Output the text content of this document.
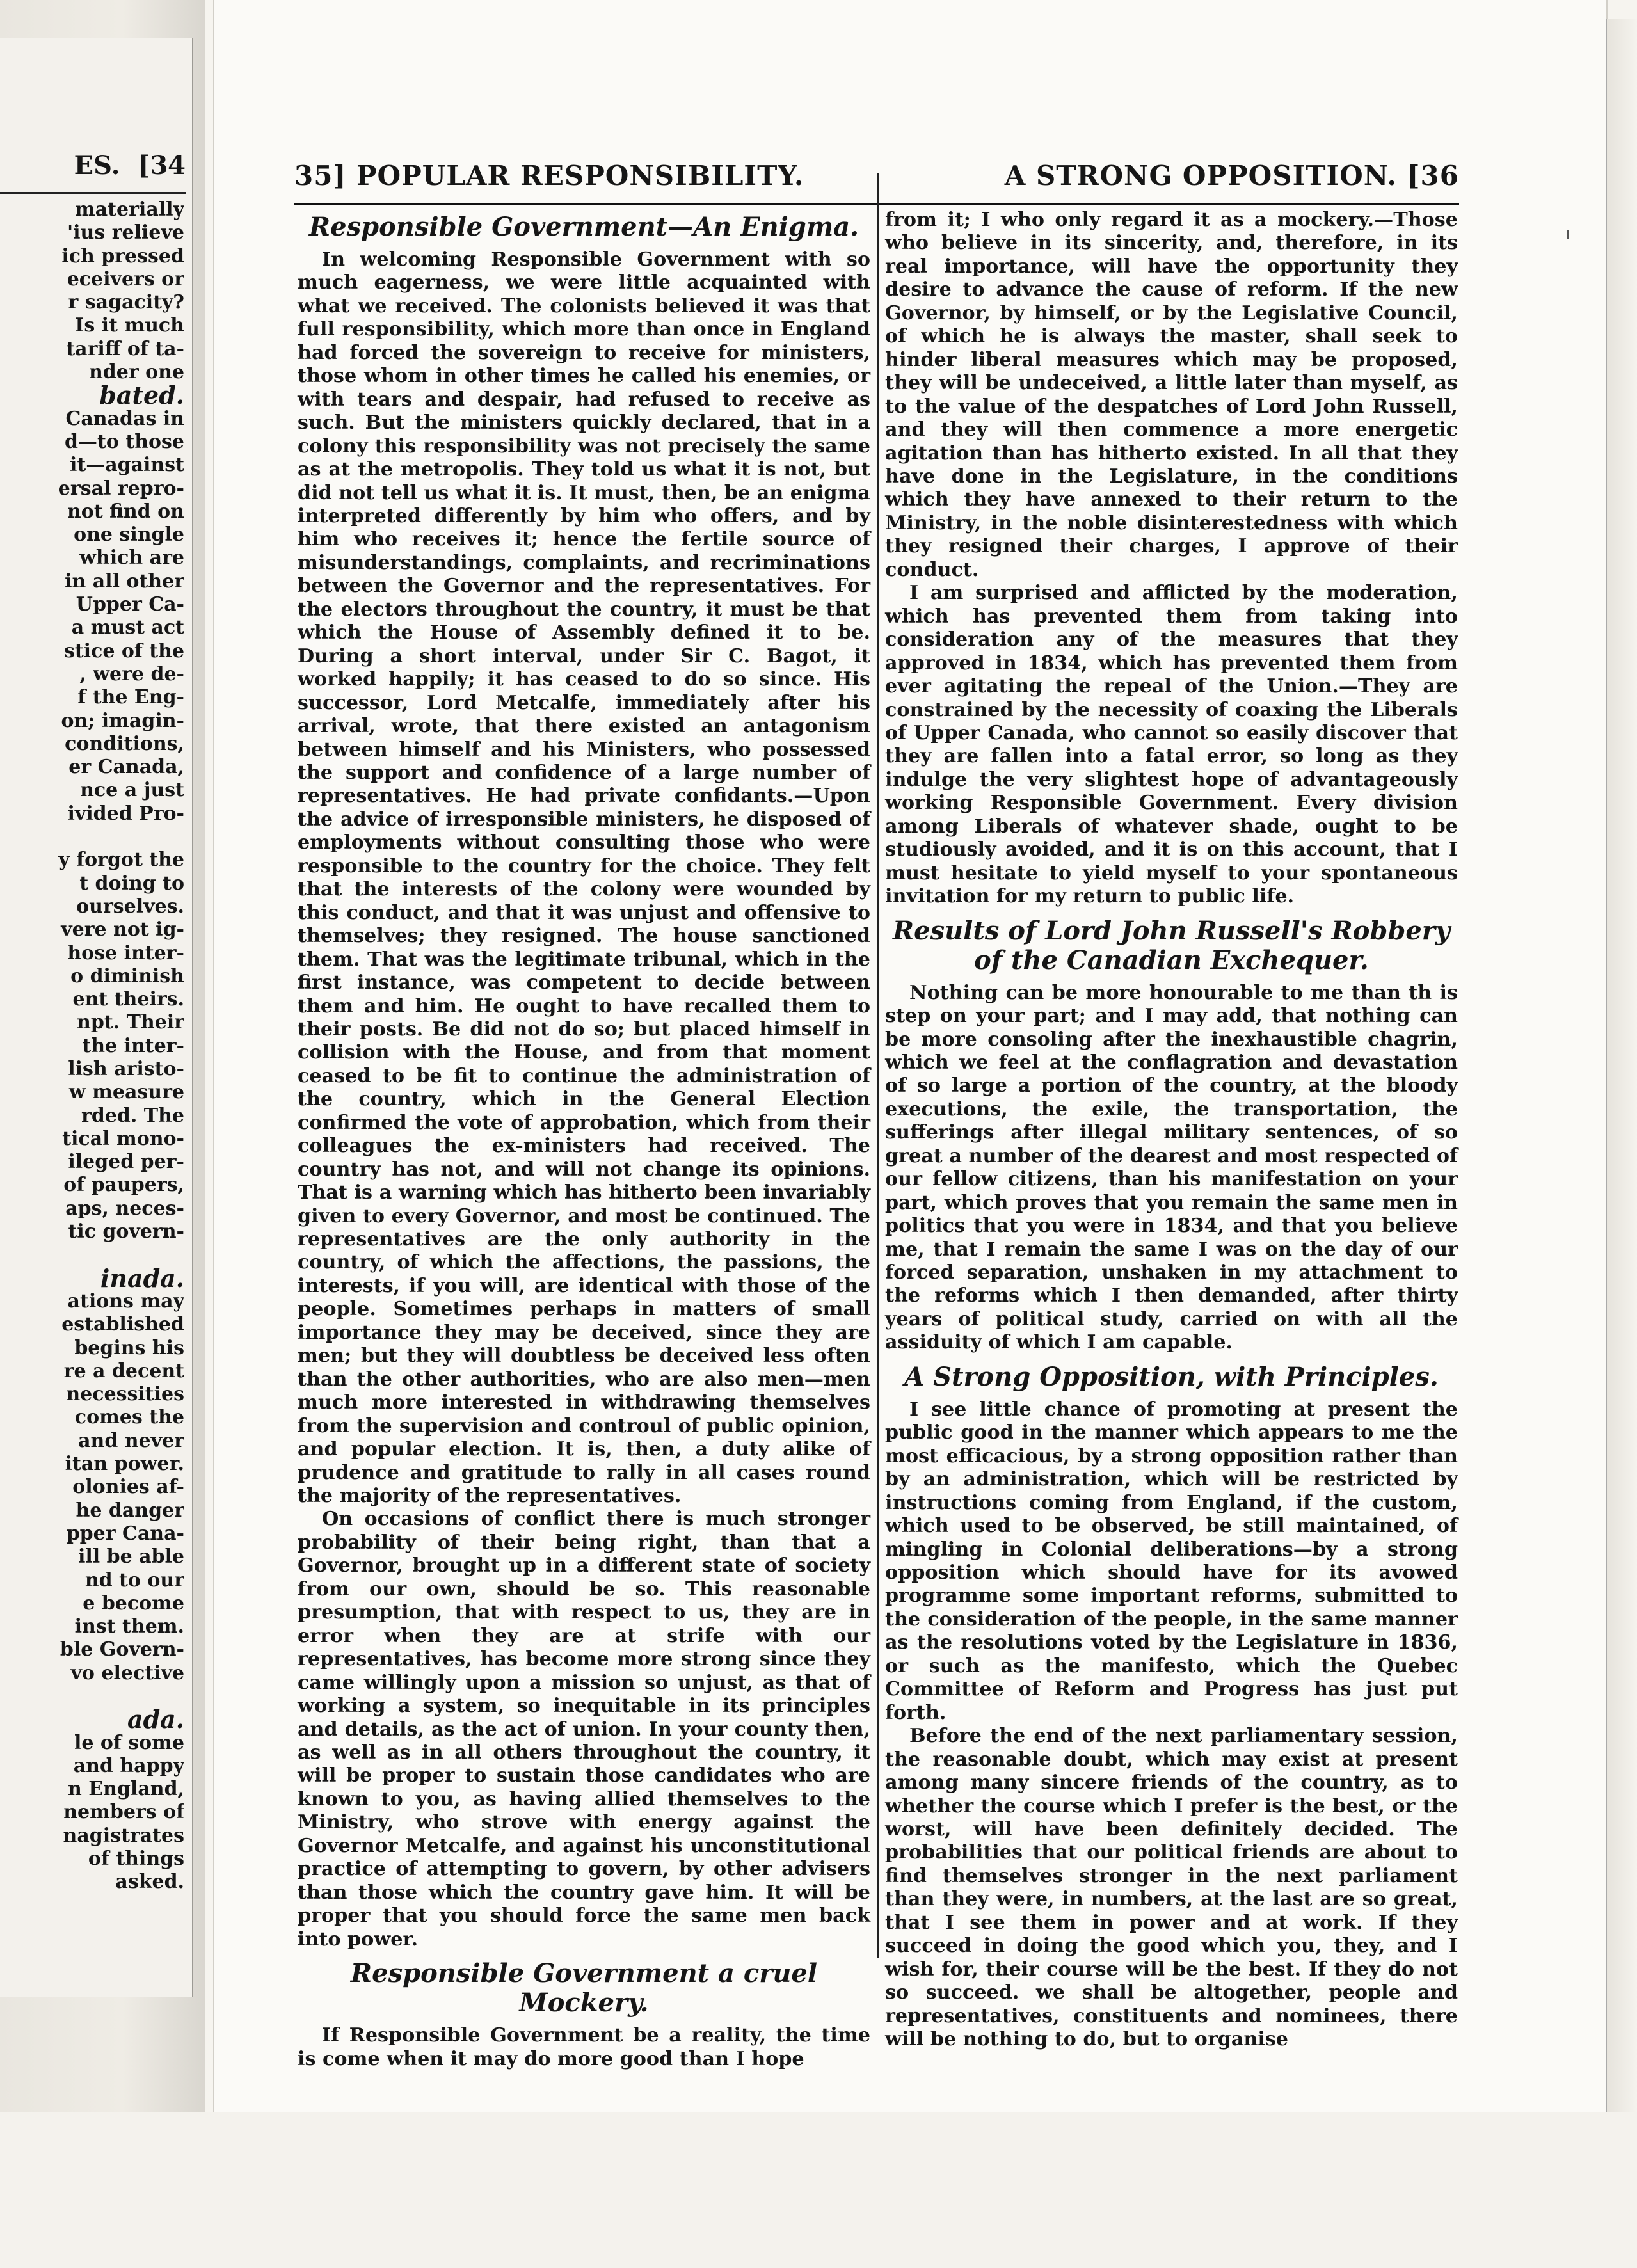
ES.  [34
materially
'ius relieve
ich pressed
eceivers or
r sagacity?
Is it much
tariff of ta-
nder one
bated.
Canadas in
d—to those
it—against
ersal repro-
not find on
one single
which are
in all other
Upper Ca-
a must act
stice of the
, were de-
f the Eng-
on; imagin-
conditions,
er Canada,
nce a just
ivided Pro-

y forgot the
t doing to
ourselves.
vere not ig-
hose inter-
o diminish
ent theirs.
npt. Their
the inter-
lish aristo-
w measure
rded. The
tical mono-
ileged per-
of paupers,
aps, neces-
tic govern-

inada.
ations may
established
begins his
re a decent
necessities
comes the
and never
itan power.
olonies af-
he danger
pper Cana-
ill be able
nd to our
e become
inst them.
ble Govern-
vo elective

ada.
le of some
and happy
n England,
nembers of
nagistrates
of things
asked.
35] POPULAR RESPONSIBILITY.	A STRONG OPPOSITION. [36
Responsible Government—An Enigma.

In welcoming Responsible Government with so much eagerness, we were little acquainted with what we received. The colonists believed it was that full responsibility, which more than once in England had forced the sovereign to receive for ministers, those whom in other times he called his enemies, or with tears and despair, had refused to receive as such. But the ministers quickly declared, that in a colony this responsibility was not precisely the same as at the metropolis. They told us what it is not, but did not tell us what it is. It must, then, be an enigma interpreted differently by him who offers, and by him who receives it; hence the fertile source of misunderstandings, complaints, and recriminations between the Governor and the representatives. For the electors throughout the country, it must be that which the House of Assembly defined it to be. During a short interval, under Sir C. Bagot, it worked happily; it has ceased to do so since. His successor, Lord Metcalfe, immediately after his arrival, wrote, that there existed an antagonism between himself and his Ministers, who possessed the support and confidence of a large number of representatives. He had private confidants.—Upon the advice of irresponsible ministers, he disposed of employments without consulting those who were responsible to the country for the choice. They felt that the interests of the colony were wounded by this conduct, and that it was unjust and offensive to themselves; they resigned. The house sanctioned them. That was the legitimate tribunal, which in the first instance, was competent to decide between them and him. He ought to have recalled them to their posts. Be did not do so; but placed himself in collision with the House, and from that moment ceased to be fit to continue the administration of the country, which in the General Election confirmed the vote of approbation, which from their colleagues the ex-ministers had received. The country has not, and will not change its opinions. That is a warning which has hitherto been invariably given to every Governor, and most be continued. The representatives are the only authority in the country, of which the affections, the passions, the interests, if you will, are identical with those of the people. Sometimes perhaps in matters of small importance they may be deceived, since they are men; but they will doubtless be deceived less often than the other authorities, who are also men—men much more interested in withdrawing themselves from the supervision and controul of public opinion, and popular election. It is, then, a duty alike of prudence and gratitude to rally in all cases round the majority of the representatives.

On occasions of conflict there is much stronger probability of their being right, than that a Governor, brought up in a different state of society from our own, should be so. This reasonable presumption, that with respect to us, they are in error when they are at strife with our representatives, has become more strong since they came willingly upon a mission so unjust, as that of working a system, so inequitable in its principles and details, as the act of union. In your county then, as well as in all others throughout the country, it will be proper to sustain those candidates who are known to you, as having allied themselves to the Ministry, who strove with energy against the Governor Metcalfe, and against his unconstitutional practice of attempting to govern, by other advisers than those which the country gave him. It will be proper that you should force the same men back into power.

Responsible Government a cruel Mockery.

If Responsible Government be a reality, the time is come when it may do more good than I hope

from it; I who only regard it as a mockery.—Those who believe in its sincerity, and, therefore, in its real importance, will have the opportunity they desire to advance the cause of reform. If the new Governor, by himself, or by the Legislative Council, of which he is always the master, shall seek to hinder liberal measures which may be proposed, they will be undeceived, a little later than myself, as to the value of the despatches of Lord John Russell, and they will then commence a more energetic agitation than has hitherto existed. In all that they have done in the Legislature, in the conditions which they have annexed to their return to the Ministry, in the noble disinterestedness with which they resigned their charges, I approve of their conduct.

I am surprised and afflicted by the moderation, which has prevented them from taking into consideration any of the measures that they approved in 1834, which has prevented them from ever agitating the repeal of the Union.—They are constrained by the necessity of coaxing the Liberals of Upper Canada, who cannot so easily discover that they are fallen into a fatal error, so long as they indulge the very slightest hope of advantageously working Responsible Government. Every division among Liberals of whatever shade, ought to be studiously avoided, and it is on this account, that I must hesitate to yield myself to your spontaneous invitation for my return to public life.

Results of Lord John Russell's Robbery of the Canadian Exchequer.

Nothing can be more honourable to me than th is step on your part; and I may add, that nothing can be more consoling after the inexhaustible chagrin, which we feel at the conflagration and devastation of so large a portion of the country, at the bloody executions, the exile, the transportation, the sufferings after illegal military sentences, of so great a number of the dearest and most respected of our fellow citizens, than his manifestation on your part, which proves that you remain the same men in politics that you were in 1834, and that you believe me, that I remain the same I was on the day of our forced separation, unshaken in my attachment to the reforms which I then demanded, after thirty years of political study, carried on with all the assiduity of which I am capable.

A Strong Opposition, with Principles.

I see little chance of promoting at present the public good in the manner which appears to me the most efficacious, by a strong opposition rather than by an administration, which will be restricted by instructions coming from England, if the custom, which used to be observed, be still maintained, of mingling in Colonial deliberations—by a strong opposition which should have for its avowed programme some important reforms, submitted to the consideration of the people, in the same manner as the resolutions voted by the Legislature in 1836, or such as the manifesto, which the Quebec Committee of Reform and Progress has just put forth.

Before the end of the next parliamentary session, the reasonable doubt, which may exist at present among many sincere friends of the country, as to whether the course which I prefer is the best, or the worst, will have been definitely decided. The probabilities that our political friends are about to find themselves stronger in the next parliament than they were, in numbers, at the last are so great, that I see them in power and at work. If they succeed in doing the good which you, they, and I wish for, their course will be the best. If they do not so succeed. we shall be altogether, people and representatives, constituents and nominees, there will be nothing to do, but to organise
